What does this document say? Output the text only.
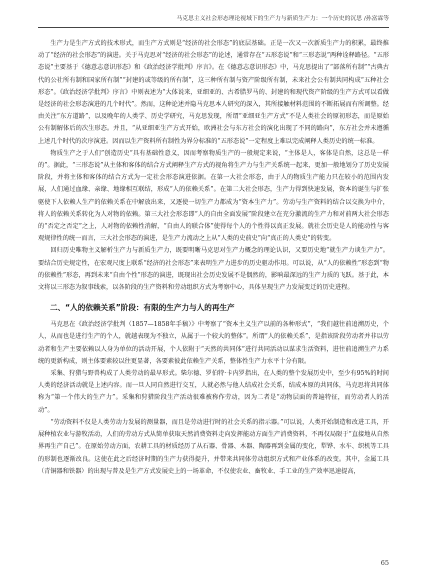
马克思主义社会形态理论视域下的生产力与新质生产力：一个历史的沉思 /孙富霖等

生产力是生产方式的技术形式，而生产方式则是“经济的社会形态”的底层基础。正是一次又一次新质生产力的积累，最终推动了“经济的社会形态”的演进。关于马克思对“经济的社会形态”的论述，通常存在“五形态说”和“三形态说”两种诠释路径。“五形态说”主要基于《德意志意识形态》和《政治经济学批判》序言》。在《德意志意识形态》中，马克思提出了“部落所有制”“古典古代的公社所有制和国家所有制”“封建的或等级的所有制”，这三种所有制与资产阶级所有制，未来社会公有制共同构成“五种社会形态”。《政治经济学批判》序言》中则表述为“大体说来，亚细亚的、古希腊罗马的、封建的和现代资产阶级的生产方式可以看做是经济的社会形态演进的几个时代”。然而，这种论述并隐马克思本人研究的深入，其所接触材料范围的不断拓展而有所调整。经由关注“东方道路”，以及晚年的人类学、历史学研究，马克思发现，所谓“亚细亚生产方式”不是人类社会的原初形态，而是原始公有制解体后的次生形态。并且，“从亚细亚生产方式开始，欧洲社会与东方社会的演化出现了不同的路向”，东方社会并未遵循上述几个时代的次序演进。因而以生产资料所有制性为界分标准的“五形态说”一定程度上难以完成阐释人类历史的统一标准。

物质生产之于人们”创造历史“具有基础性意义，因而考察物质生产的一般规定来说，“主体是人，客体是自然，这总是一样的”。据此，“三形态说”从主体和客体的结合方式阐释生产方式的视角将生产力与生产关系统一起来，更加一般地划分了历史发展阶段，并将主体和客体的结合方式为一定社会形态演进依据。在第一大社会形态，由于人的物质生产能力只在较小的范围内发展，人们通过血缘、亲缘、地缘相互联结，形成“人的依赖关系”。在第二大社会形态，生产力得到快速发展，资本的诞生与扩张驱使下人依赖人生产的依赖关系在中解放出来，又逐使一切生产力都成为“资本生产力”。劳动与生产资料的结合以交换为中介，将人的依赖关系转化为人对物的依赖。第三大社会形态即“人的自由全面发展”阶段建立在充分激流的生产力和对前两大社会形态的“否定之否定”之上，人对物的依赖性消解，“自由人的联合体”使得每个人的个性得以真正发展。就社会历史是人的能动性与客观规律性的统一而言，三大社会形态的演进，是生产力流动之上从“人类的史前史”向“真正的人类史”的转变。

回归历史唯物主义解析生产力与新质生产力，既要明晰马克思对生产力概念的理论认识，又要历史地“就生产力谈生产力”。要结合历史规定性，在宏观尺度上联系“经济的社会形态”来表明生产力进步的历史驱动作用。可以说，从“人的依赖性”形态到“物的依赖性”形态，再到未来“自由个性”形态的演进，既现出社会历史发展不是偶然的，影响最深远的生产力质的飞跃。基于此，本文将以三形态为叙事线索，以各阶段的生产资料和劳动组织方式为考察中心，具体呈现生产力发展变迁的历史进程。

二、“人的依赖关系”阶段：有限的生产力与人的再生产

马克思在《政治经济学批判（1857—1858年手稿）》中考察了“资本主义生产以前的各种形式”，“我们越往前追溯历史，个人，从而也是进行生产的个人，就越表现为不独立，从属于一个较大的整体”。所谓“人的依赖关系”，是指该阶段劳动者并非以劳动者和生产主要依赖以人身为单位的活动开展，个人依附于“天然的共同体”进行共同活动以谋求生活资料，进往前追溯生产力系统的更新构成，则主体要素较以往更显著，各要素彼此依赖生产关系，整体性生产力水平十分有限。

采集、狩猎与野兽构成了人类劳动的最早形式。柴尔德、罗伯特·卡内罗指出，在人类的整个发展历史中，至少有95%的时间人类的经济活动就是上述内容。而一旦人同自然进行交互，人就必然与他人结成社会关系，结成本原的共同体，马克思将共同体称为“第一个伟大的生产力”。采集和狩猎阶段生产活动很难被称作劳动，因为二者是“动物层面的普遍特征，而劳动者人的活动”。

“劳动资料不仅是人类劳动力发展的测量器，而且是劳动进行时的社会关系的指示器。”可以说，人类开始制造和改进工具，开展种植农业与游牧活动，人们的劳动方式从简单获取天然消费资料走向发挥能动方面生产消费资料，不再仅局限于“直接地从自然界再生产自己”。在原始劳动方面，农耕工具的材质经历了从石器、骨器、木器、陶器再到金属的变化，犁铧、水车、织机等工具的形制也逐渐改良。这使在此之后经济时期的生产力获得提升，并带来共同体劳动组织方式和产业体系的改变。其中，金属工具（青铜器和铁器）的出现与普及是生产方式发展史上的一场革命，不仅使农业、畜牧业、手工业的生产效率迅速提高，

65
